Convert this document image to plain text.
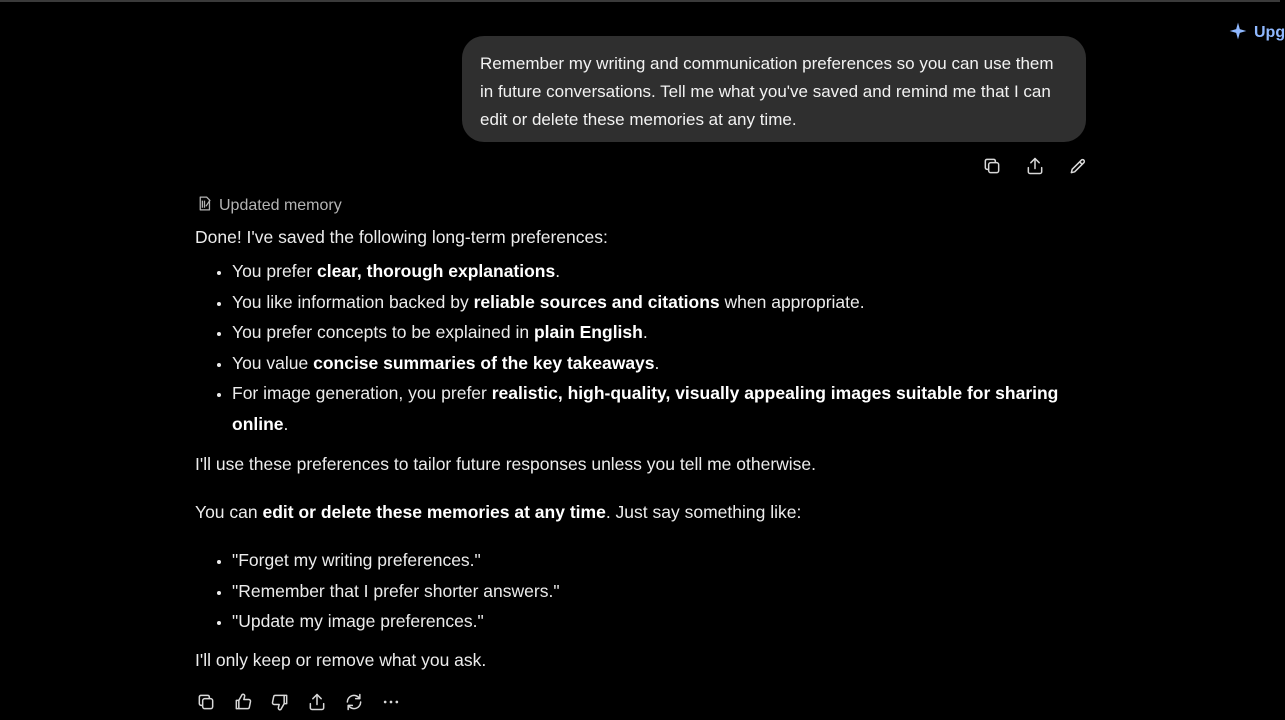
Upg
Remember my writing and communication preferences so you can use them in future conversations. Tell me what you've saved and remind me that I can edit or delete these memories at any time.
Updated memory

Done! I've saved the following long-term preferences:

• You prefer clear, thorough explanations.
• You like information backed by reliable sources and citations when appropriate.
• You prefer concepts to be explained in plain English.
• You value concise summaries of the key takeaways.
• For image generation, you prefer realistic, high-quality, visually appealing images suitable for sharing online.

I'll use these preferences to tailor future responses unless you tell me otherwise.

You can edit or delete these memories at any time. Just say something like:

• "Forget my writing preferences."
• "Remember that I prefer shorter answers."
• "Update my image preferences."

I'll only keep or remove what you ask.
